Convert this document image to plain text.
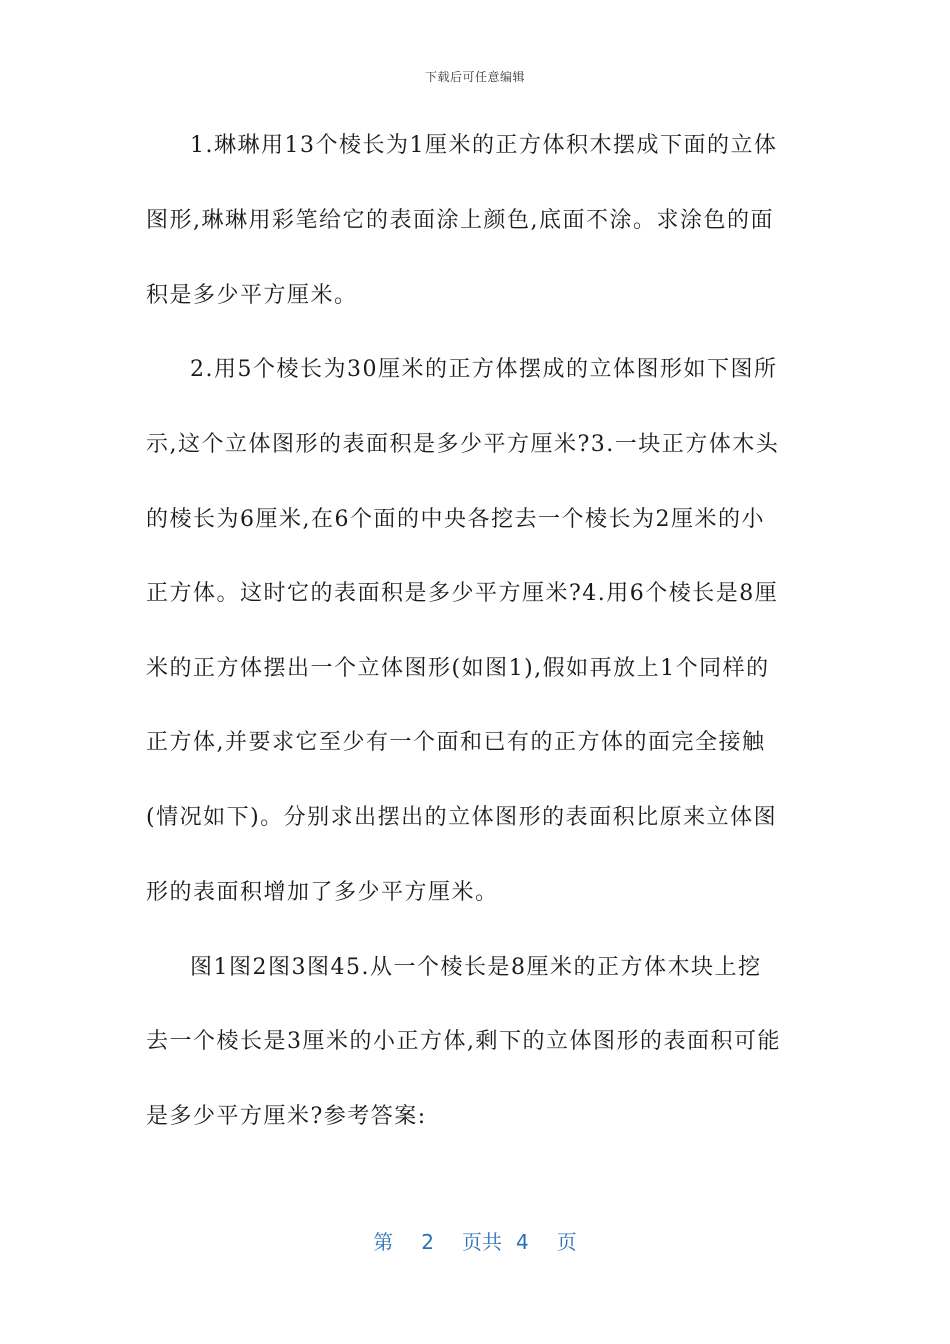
下载后可任意编辑
1.琳琳用13个棱长为1厘米的正方体积木摆成下面的立体
图形,琳琳用彩笔给它的表面涂上颜色,底面不涂。求涂色的面
积是多少平方厘米。
2.用5个棱长为30厘米的正方体摆成的立体图形如下图所
示,这个立体图形的表面积是多少平方厘米?3.一块正方体木头
的棱长为6厘米,在6个面的中央各挖去一个棱长为2厘米的小
正方体。这时它的表面积是多少平方厘米?4.用6个棱长是8厘
米的正方体摆出一个立体图形(如图1),假如再放上1个同样的
正方体,并要求它至少有一个面和已有的正方体的面完全接触
(情况如下)。分别求出摆出的立体图形的表面积比原来立体图
形的表面积增加了多少平方厘米。
图1图2图3图45.从一个棱长是8厘米的正方体木块上挖
去一个棱长是3厘米的小正方体,剩下的立体图形的表面积可能
是多少平方厘米?参考答案:
第 2 页共 4 页
